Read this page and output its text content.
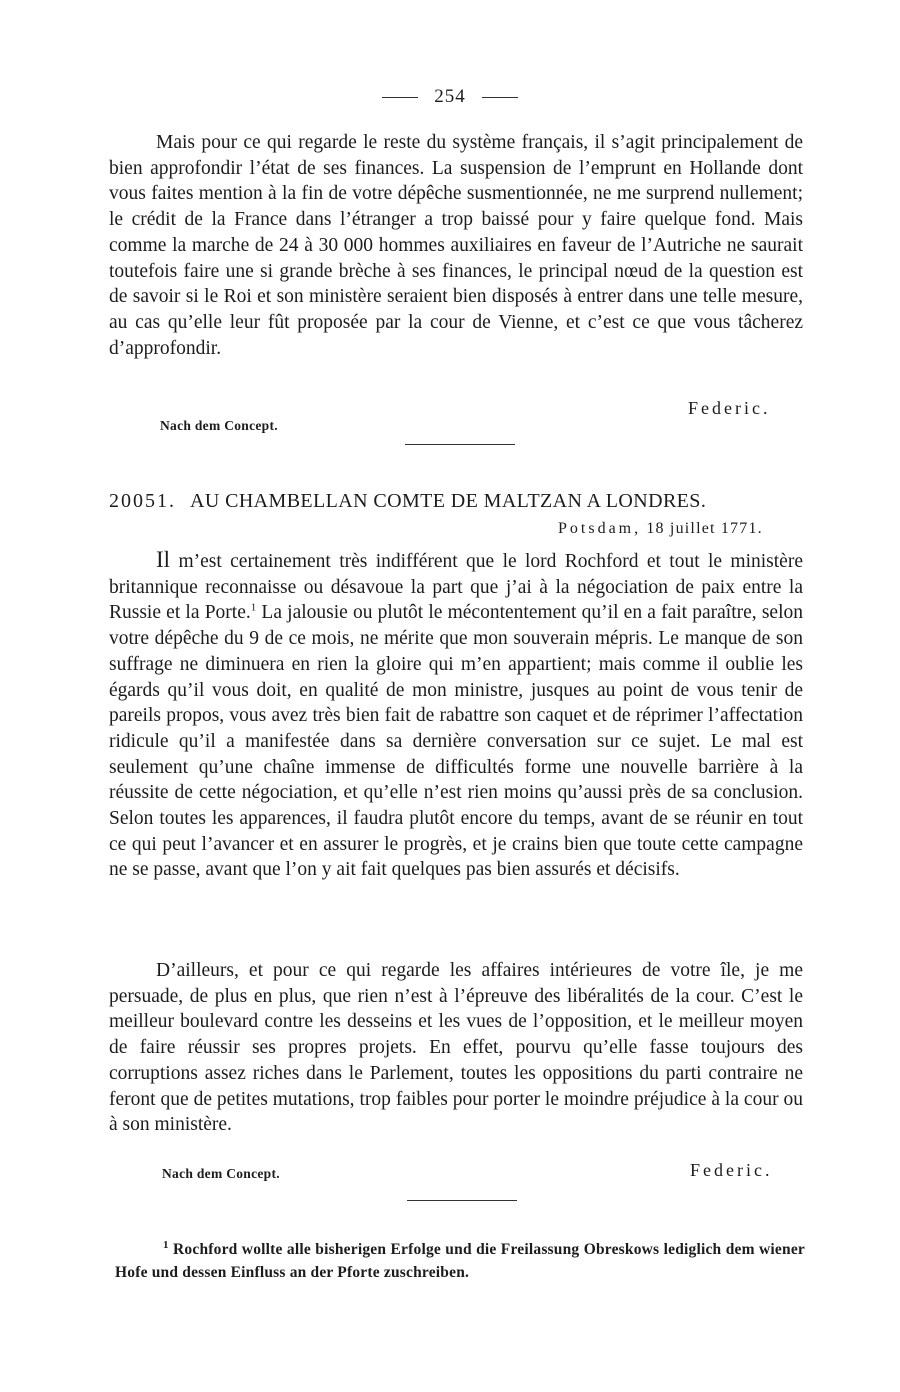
254
Mais pour ce qui regarde le reste du système français, il s’agit principalement de bien approfondir l’état de ses finances. La suspension de l’emprunt en Hollande dont vous faites mention à la fin de votre dépêche susmentionnée, ne me surprend nullement; le crédit de la France dans l’étranger a trop baissé pour y faire quelque fond. Mais comme la marche de 24 à 30 000 hommes auxiliaires en faveur de l’Autriche ne saurait toutefois faire une si grande brèche à ses finances, le principal nœud de la question est de savoir si le Roi et son ministère seraient bien disposés à entrer dans une telle mesure, au cas qu’elle leur fût proposée par la cour de Vienne, et c’est ce que vous tâcherez d’approfondir.
Federic.
Nach dem Concept.
20051. AU CHAMBELLAN COMTE DE MALTZAN A LONDRES.
Potsdam, 18 juillet 1771.
Il m’est certainement très indifférent que le lord Rochford et tout le ministère britannique reconnaisse ou désavoue la part que j’ai à la négociation de paix entre la Russie et la Porte.$^1$ La jalousie ou plutôt le mécontentement qu’il en a fait paraître, selon votre dépêche du 9 de ce mois, ne mérite que mon souverain mépris. Le manque de son suffrage ne diminuera en rien la gloire qui m’en appartient; mais comme il oublie les égards qu’il vous doit, en qualité de mon ministre, jusques au point de vous tenir de pareils propos, vous avez très bien fait de rabattre son caquet et de réprimer l’affectation ridicule qu’il a manifestée dans sa dernière conversation sur ce sujet. Le mal est seulement qu’une chaîne immense de difficultés forme une nouvelle barrière à la réussite de cette négociation, et qu’elle n’est rien moins qu’aussi près de sa conclusion. Selon toutes les apparences, il faudra plutôt encore du temps, avant de se réunir en tout ce qui peut l’avancer et en assurer le progrès, et je crains bien que toute cette campagne ne se passe, avant que l’on y ait fait quelques pas bien assurés et décisifs.
D’ailleurs, et pour ce qui regarde les affaires intérieures de votre île, je me persuade, de plus en plus, que rien n’est à l’épreuve des libéralités de la cour. C’est le meilleur boulevard contre les desseins et les vues de l’opposition, et le meilleur moyen de faire réussir ses propres projets. En effet, pourvu qu’elle fasse toujours des corruptions assez riches dans le Parlement, toutes les oppositions du parti contraire ne feront que de petites mutations, trop faibles pour porter le moindre préjudice à la cour ou à son ministère.
Nach dem Concept.	Federic.
$^1$ Rochford wollte alle bisherigen Erfolge und die Freilassung Obreskows lediglich dem wiener Hofe und dessen Einfluss an der Pforte zuschreiben.
